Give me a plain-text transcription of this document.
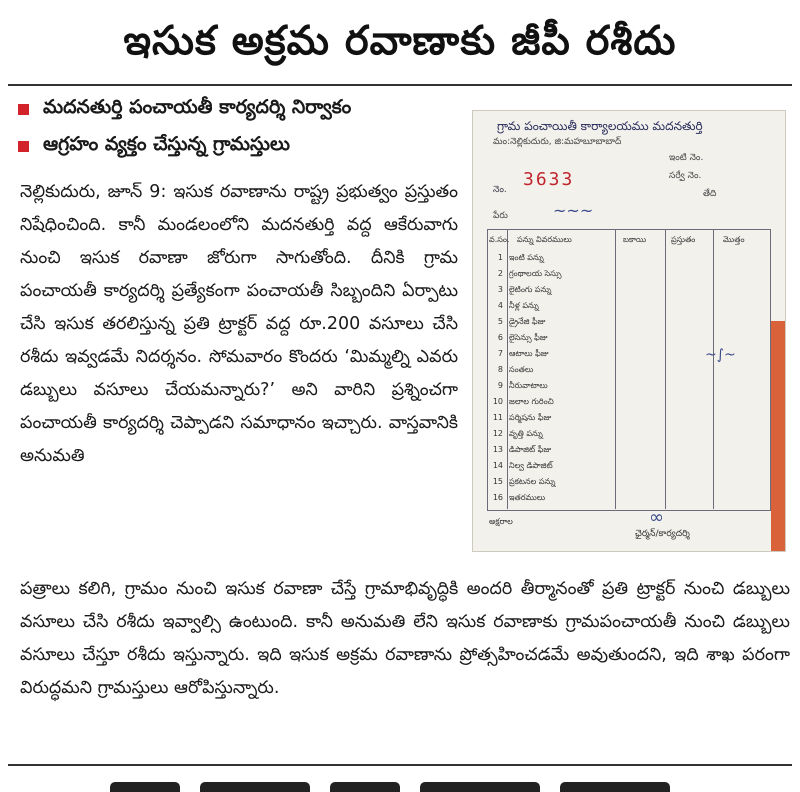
ఇసుక అక్రమ రవాణాకు జీపీ రశీదు
మదనతుర్తి పంచాయతీ కార్యదర్శి నిర్వాకం
ఆగ్రహం వ్యక్తం చేస్తున్న గ్రామస్తులు
నెల్లికుదురు, జూన్ 9: ఇసుక రవాణాను రాష్ట్ర ప్రభుత్వం ప్రస్తుతం నిషేధించింది. కానీ మండలంలోని మదనతుర్తి వద్ద ఆకేరువాగు నుంచి ఇసుక రవాణా జోరుగా సాగుతోంది. దీనికి గ్రామ పంచాయతీ కార్యదర్శి ప్రత్యేకంగా పంచాయతీ సిబ్బందిని ఏర్పాటు చేసి ఇసుక తరలిస్తున్న ప్రతి ట్రాక్టర్ వద్ద రూ.200 వసూలు చేసి రశీదు ఇవ్వడమే నిదర్శనం. సోమవారం కొందరు ‘మిమ్మల్ని ఎవరు డబ్బులు వసూలు చేయమన్నారు?’ అని వారిని ప్రశ్నించగా పంచాయతీ కార్యదర్శి చెప్పాడని సమాధానం ఇచ్చారు. వాస్తవానికి అనుమతి
గ్రామ పంచాయితీ కార్యాలయము మదనతుర్తి
మం:నెల్లికుదురు, జి:మహబూబాబాద్
ఇంటి నెం.
సర్వే నెం.
తేది
నెం. 3633
పేరు	~~~
వ.సం. పన్ను వివరములు	బకాయి	ప్రస్తుతం	మొత్తం
1 ఇంటి పన్ను
2 గ్రంథాలయ సెస్సు
3 లైటింగు పన్ను
4 నీళ్ల పన్ను
5 డ్రైనేజి ఫీజు
6 లైసెన్సు ఫీజు
7 ఆటాలు ఫీజు
8 సంతలు
9 నీరువాటాలు
10 జలాల గురించి
11 పర్మిషను ఫీజు
12 వృత్తి పన్ను
13 డిపాజిట్ ఫీజు
14 నిల్వ డిపాజిట్
15 ప్రకటనల పన్ను
16 ఇతరములు
అక్షరాల
~∫~
∞
ఛైర్మన్/కార్యదర్శి
పత్రాలు కలిగి, గ్రామం నుంచి ఇసుక రవాణా చేస్తే గ్రామాభివృద్ధికి అందరి తీర్మానంతో ప్రతి ట్రాక్టర్ నుంచి డబ్బులు వసూలు చేసి రశీదు ఇవ్వాల్సి ఉంటుంది. కానీ అనుమతి లేని ఇసుక రవాణాకు గ్రామపంచాయతీ నుంచి డబ్బులు వసూలు చేస్తూ రశీదు ఇస్తున్నారు. ఇది ఇసుక అక్రమ రవాణాను ప్రోత్సహించడమే అవుతుందని, ఇది శాఖ పరంగా విరుద్ధమని గ్రామస్తులు ఆరోపిస్తున్నారు.
